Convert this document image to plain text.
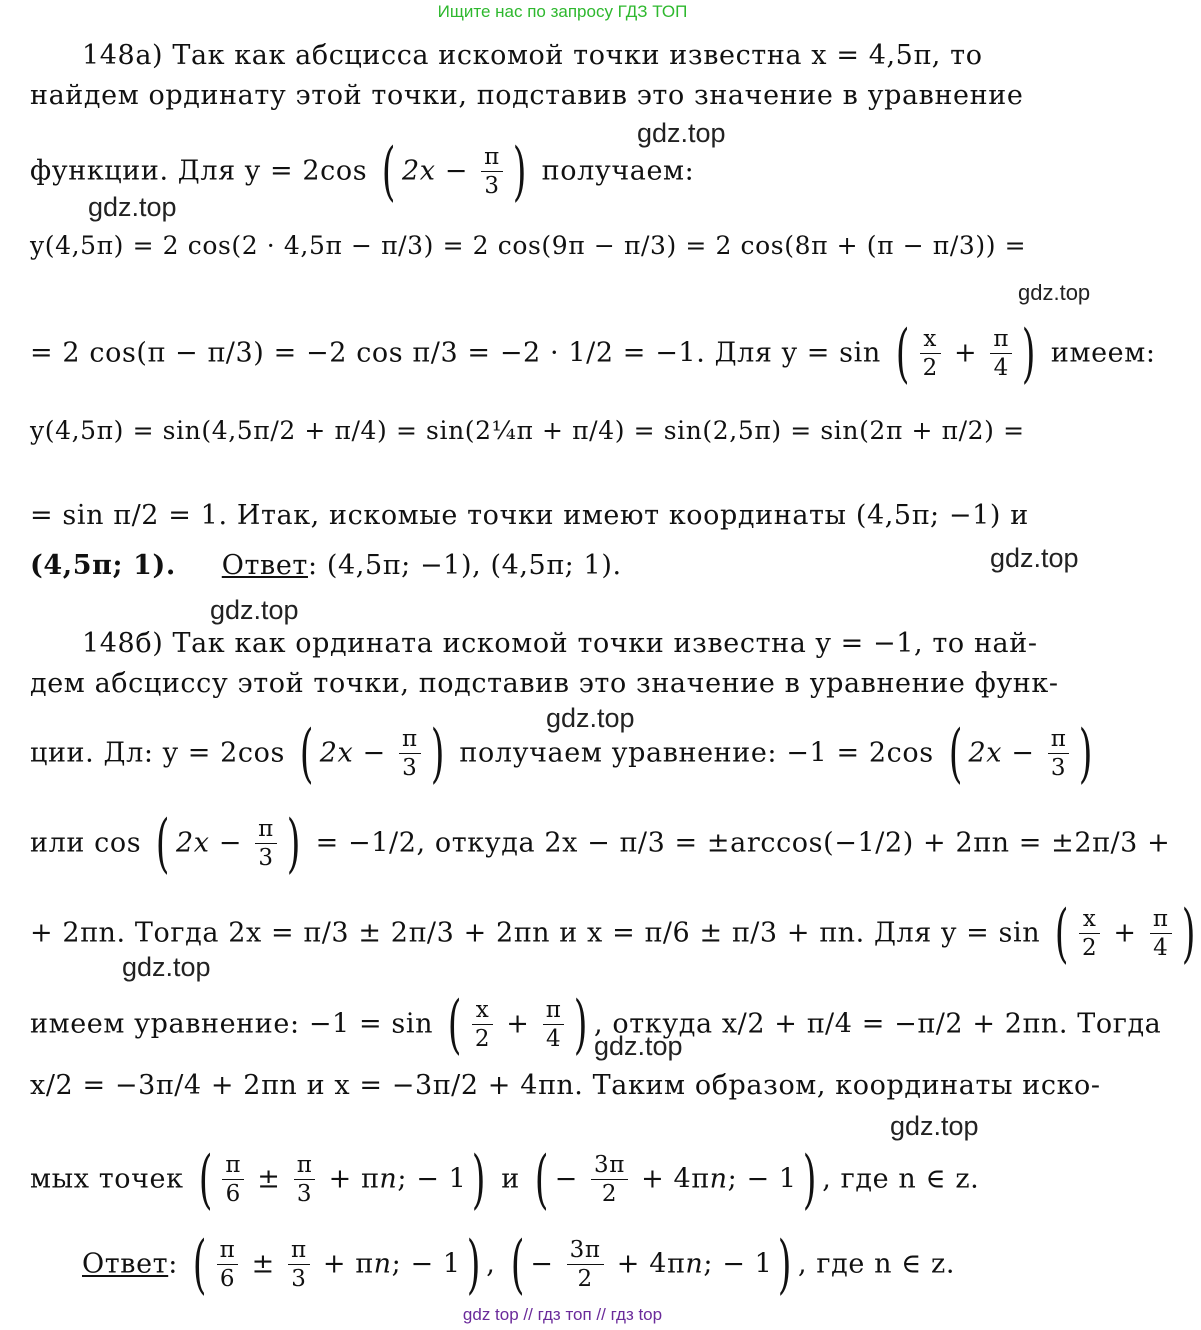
Ищите нас по запросу ГДЗ ТОП
148а) Так как абсцисса искомой точки известна x = 4,5π, то
найдем ординату этой точки, подставив это значение в уравнение
функции. Для y = 2cos ( $2x - \frac{\pi}{3}$ ) получаем:
y(4,5π) = 2 cos(2 · 4,5π − π/3) = 2 cos(9π − π/3) = 2 cos(8π + (π − π/3)) =
= 2 cos(π − π/3) = −2 cos π/3 = −2 · 1/2 = −1. Для y = sin ( $\frac{x}{2} + \frac{\pi}{4}$ ) имеем:
y(4,5π) = sin(4,5π/2 + π/4) = sin(2¼π + π/4) = sin(2,5π) = sin(2π + π/2) =
= sin π/2 = 1. Итак, искомые точки имеют координаты (4,5π; −1) и
(4,5π; 1). Ответ: (4,5π; −1), (4,5π; 1).
148б) Так как ордината искомой точки известна y = −1, то най-
дем абсциссу этой точки, подставив это значение в уравнение функ-
ции. Дл: y = 2cos ( $2x - \frac{\pi}{3}$ ) получаем уравнение: −1 = 2cos ( $2x - \frac{\pi}{3}$ )
или cos ( $2x - \frac{\pi}{3}$ ) = −1/2, откуда 2x − π/3 = ±arccos(−1/2) + 2πn = ±2π/3 +
+ 2πn. Тогда 2x = π/3 ± 2π/3 + 2πn и x = π/6 ± π/3 + πn. Для y = sin ( $\frac{x}{2} + \frac{\pi}{4}$ )
имеем уравнение: −1 = sin ( $\frac{x}{2} + \frac{\pi}{4}$ ) , откуда x/2 + π/4 = −π/2 + 2πn. Тогда
x/2 = −3π/4 + 2πn и x = −3π/2 + 4πn. Таким образом, координаты иско-
мых точек ( $\frac{\pi}{6} \pm \frac{\pi}{3} + \pi n$; − 1) и ( − $\frac{3\pi}{2} + 4\pi n$; − 1) , где n ∈ z.
Ответ: ( $\frac{\pi}{6} \pm \frac{\pi}{3} + \pi n$; − 1) , ( − $\frac{3\pi}{2} + 4\pi n$; − 1) , где n ∈ z.
gdz.top
gdz.top
gdz.top
gdz.top
gdz.top
gdz.top
gdz.top
gdz.top
gdz.top
gdz top // гдз топ // гдз top
